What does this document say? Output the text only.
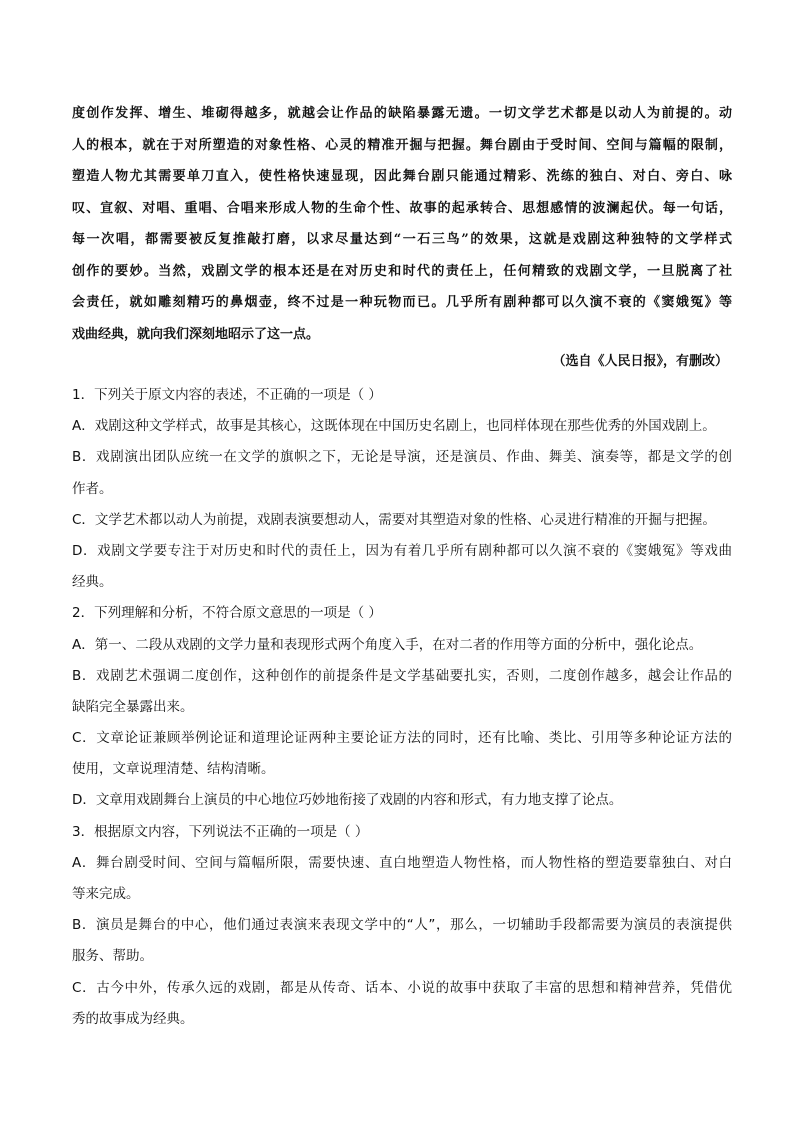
度创作发挥、增生、堆砌得越多，就越会让作品的缺陷暴露无遗。一切文学艺术都是以动人为前提的。动
人的根本，就在于对所塑造的对象性格、心灵的精准开掘与把握。舞台剧由于受时间、空间与篇幅的限制，
塑造人物尤其需要单刀直入，使性格快速显现，因此舞台剧只能通过精彩、洗练的独白、对白、旁白、咏
叹、宣叙、对唱、重唱、合唱来形成人物的生命个性、故事的起承转合、思想感情的波澜起伏。每一句话，
每一次唱，都需要被反复推敲打磨，以求尽量达到“一石三鸟”的效果，这就是戏剧这种独特的文学样式
创作的要妙。当然，戏剧文学的根本还是在对历史和时代的责任上，任何精致的戏剧文学，一旦脱离了社
会责任，就如雕刻精巧的鼻烟壶，终不过是一种玩物而已。几乎所有剧种都可以久演不衰的《窦娥冤》等
戏曲经典，就向我们深刻地昭示了这一点。
（选自《人民日报》，有删改）
1．下列关于原文内容的表述，不正确的一项是（ ）
A．戏剧这种文学样式，故事是其核心，这既体现在中国历史名剧上，也同样体现在那些优秀的外国戏剧上。
B．戏剧演出团队应统一在文学的旗帜之下，无论是导演，还是演员、作曲、舞美、演奏等，都是文学的创
作者。
C．文学艺术都以动人为前提，戏剧表演要想动人，需要对其塑造对象的性格、心灵进行精准的开掘与把握。
D．戏剧文学要专注于对历史和时代的责任上，因为有着几乎所有剧种都可以久演不衰的《窦娥冤》等戏曲
经典。
2．下列理解和分析，不符合原文意思的一项是（ ）
A．第一、二段从戏剧的文学力量和表现形式两个角度入手，在对二者的作用等方面的分析中，强化论点。
B．戏剧艺术强调二度创作，这种创作的前提条件是文学基础要扎实，否则，二度创作越多，越会让作品的
缺陷完全暴露出来。
C．文章论证兼顾举例论证和道理论证两种主要论证方法的同时，还有比喻、类比、引用等多种论证方法的
使用，文章说理清楚、结构清晰。
D．文章用戏剧舞台上演员的中心地位巧妙地衔接了戏剧的内容和形式，有力地支撑了论点。
3．根据原文内容，下列说法不正确的一项是（ ）
A．舞台剧受时间、空间与篇幅所限，需要快速、直白地塑造人物性格，而人物性格的塑造要靠独白、对白
等来完成。
B．演员是舞台的中心，他们通过表演来表现文学中的“人”，那么，一切辅助手段都需要为演员的表演提供
服务、帮助。
C．古今中外，传承久远的戏剧，都是从传奇、话本、小说的故事中获取了丰富的思想和精神营养，凭借优
秀的故事成为经典。
